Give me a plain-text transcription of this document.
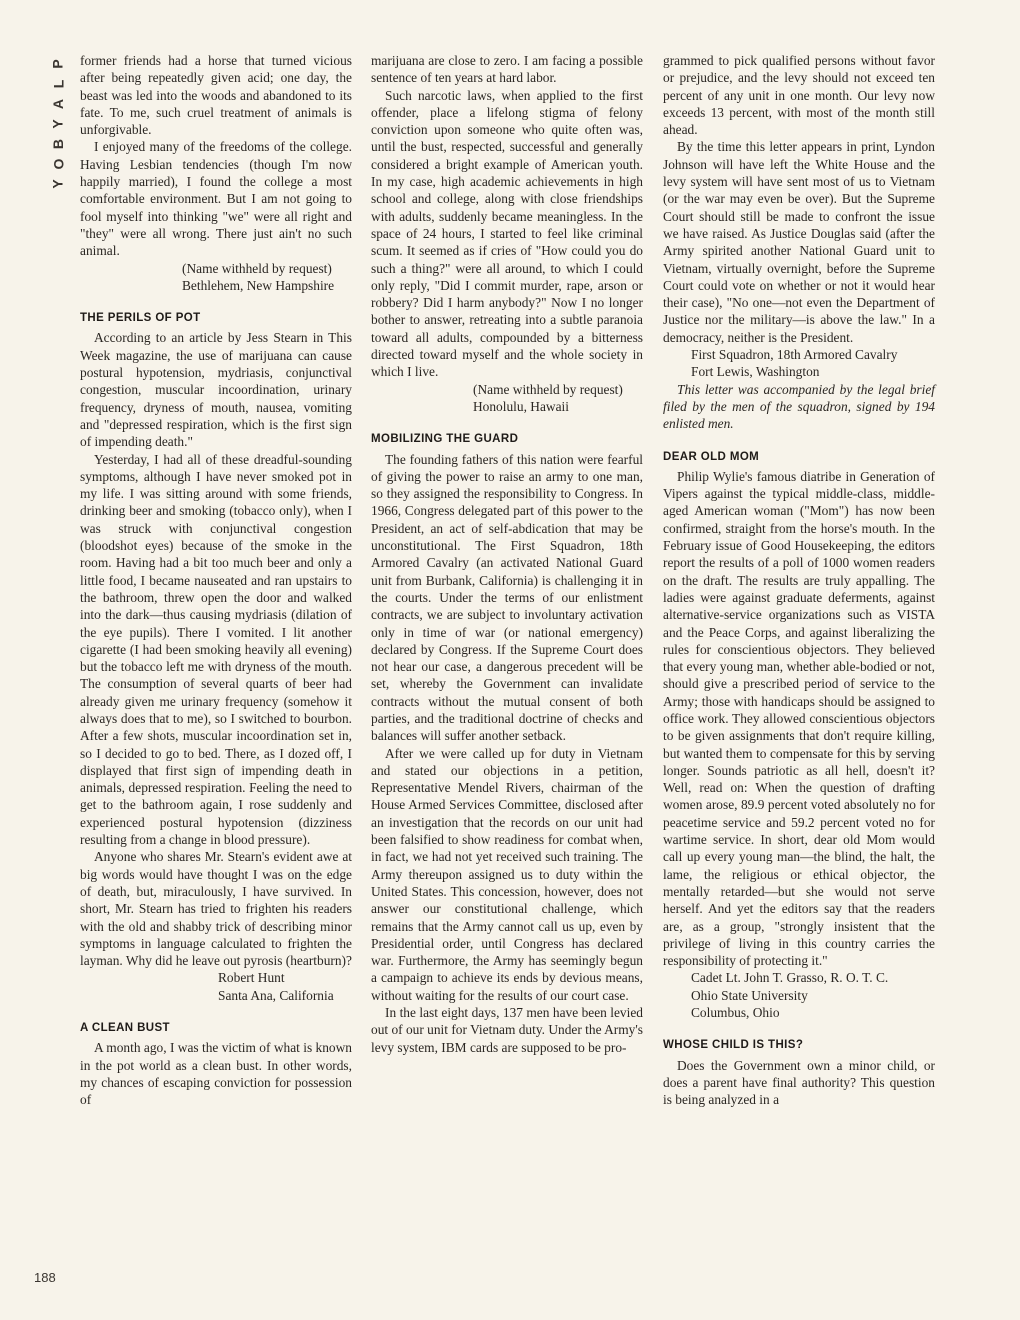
P
L
A
Y
B
O
Y
188

former friends had a horse that turned vicious after being repeatedly given acid; one day, the beast was led into the woods and abandoned to its fate. To me, such cruel treatment of animals is unforgivable.

I enjoyed many of the freedoms of the college. Having Lesbian tendencies (though I'm now happily married), I found the college a most comfortable environment. But I am not going to fool myself into thinking "we" were all right and "they" were all wrong. There just ain't no such animal.

(Name withheld by request)

Bethlehem, New Hampshire

THE PERILS OF POT

According to an article by Jess Stearn in This Week magazine, the use of marijuana can cause postural hypotension, mydriasis, conjunctival congestion, muscular incoordination, urinary frequency, dryness of mouth, nausea, vomiting and "depressed respiration, which is the first sign of impending death."

Yesterday, I had all of these dreadful-sounding symptoms, although I have never smoked pot in my life. I was sitting around with some friends, drinking beer and smoking (tobacco only), when I was struck with conjunctival congestion (bloodshot eyes) because of the smoke in the room. Having had a bit too much beer and only a little food, I became nauseated and ran upstairs to the bathroom, threw open the door and walked into the dark—thus causing mydriasis (dilation of the eye pupils). There I vomited. I lit another cigarette (I had been smoking heavily all evening) but the tobacco left me with dryness of the mouth. The consumption of several quarts of beer had already given me urinary frequency (somehow it always does that to me), so I switched to bourbon. After a few shots, muscular incoordination set in, so I decided to go to bed. There, as I dozed off, I displayed that first sign of impending death in animals, depressed respiration. Feeling the need to get to the bathroom again, I rose suddenly and experienced postural hypotension (dizziness resulting from a change in blood pressure).

Anyone who shares Mr. Stearn's evident awe at big words would have thought I was on the edge of death, but, miraculously, I have survived. In short, Mr. Stearn has tried to frighten his readers with the old and shabby trick of describing minor symptoms in language calculated to frighten the layman. Why did he leave out pyrosis (heartburn)?

Robert Hunt

Santa Ana, California

A CLEAN BUST

A month ago, I was the victim of what is known in the pot world as a clean bust. In other words, my chances of escaping conviction for possession of

marijuana are close to zero. I am facing a possible sentence of ten years at hard labor.

Such narcotic laws, when applied to the first offender, place a lifelong stigma of felony conviction upon someone who quite often was, until the bust, respected, successful and generally considered a bright example of American youth. In my case, high academic achievements in high school and college, along with close friendships with adults, suddenly became meaningless. In the space of 24 hours, I started to feel like criminal scum. It seemed as if cries of "How could you do such a thing?" were all around, to which I could only reply, "Did I commit murder, rape, arson or robbery? Did I harm anybody?" Now I no longer bother to answer, retreating into a subtle paranoia toward all adults, compounded by a bitterness directed toward myself and the whole society in which I live.

(Name withheld by request)

Honolulu, Hawaii

MOBILIZING THE GUARD

The founding fathers of this nation were fearful of giving the power to raise an army to one man, so they assigned the responsibility to Congress. In 1966, Congress delegated part of this power to the President, an act of self-abdication that may be unconstitutional. The First Squadron, 18th Armored Cavalry (an activated National Guard unit from Burbank, California) is challenging it in the courts. Under the terms of our enlistment contracts, we are subject to involuntary activation only in time of war (or national emergency) declared by Congress. If the Supreme Court does not hear our case, a dangerous precedent will be set, whereby the Government can invalidate contracts without the mutual consent of both parties, and the traditional doctrine of checks and balances will suffer another setback.

After we were called up for duty in Vietnam and stated our objections in a petition, Representative Mendel Rivers, chairman of the House Armed Services Committee, disclosed after an investigation that the records on our unit had been falsified to show readiness for combat when, in fact, we had not yet received such training. The Army thereupon assigned us to duty within the United States. This concession, however, does not answer our constitutional challenge, which remains that the Army cannot call us up, even by Presidential order, until Congress has declared war. Furthermore, the Army has seemingly begun a campaign to achieve its ends by devious means, without waiting for the results of our court case.

In the last eight days, 137 men have been levied out of our unit for Vietnam duty. Under the Army's levy system, IBM cards are supposed to be pro-

grammed to pick qualified persons without favor or prejudice, and the levy should not exceed ten percent of any unit in one month. Our levy now exceeds 13 percent, with most of the month still ahead.

By the time this letter appears in print, Lyndon Johnson will have left the White House and the levy system will have sent most of us to Vietnam (or the war may even be over). But the Supreme Court should still be made to confront the issue we have raised. As Justice Douglas said (after the Army spirited another National Guard unit to Vietnam, virtually overnight, before the Supreme Court could vote on whether or not it would hear their case), "No one—not even the Department of Justice nor the military—is above the law." In a democracy, neither is the President.

First Squadron, 18th Armored Cavalry

Fort Lewis, Washington

This letter was accompanied by the legal brief filed by the men of the squadron, signed by 194 enlisted men.

DEAR OLD MOM

Philip Wylie's famous diatribe in Generation of Vipers against the typical middle-class, middle-aged American woman ("Mom") has now been confirmed, straight from the horse's mouth. In the February issue of Good Housekeeping, the editors report the results of a poll of 1000 women readers on the draft. The results are truly appalling. The ladies were against graduate deferments, against alternative-service organizations such as VISTA and the Peace Corps, and against liberalizing the rules for conscientious objectors. They believed that every young man, whether able-bodied or not, should give a prescribed period of service to the Army; those with handicaps should be assigned to office work. They allowed conscientious objectors to be given assignments that don't require killing, but wanted them to compensate for this by serving longer. Sounds patriotic as all hell, doesn't it? Well, read on: When the question of drafting women arose, 89.9 percent voted absolutely no for peacetime service and 59.2 percent voted no for wartime service. In short, dear old Mom would call up every young man—the blind, the halt, the lame, the religious or ethical objector, the mentally retarded—but she would not serve herself. And yet the editors say that the readers are, as a group, "strongly insistent that the privilege of living in this country carries the responsibility of protecting it."

Cadet Lt. John T. Grasso, R. O. T. C.

Ohio State University

Columbus, Ohio

WHOSE CHILD IS THIS?

Does the Government own a minor child, or does a parent have final authority? This question is being analyzed in a
